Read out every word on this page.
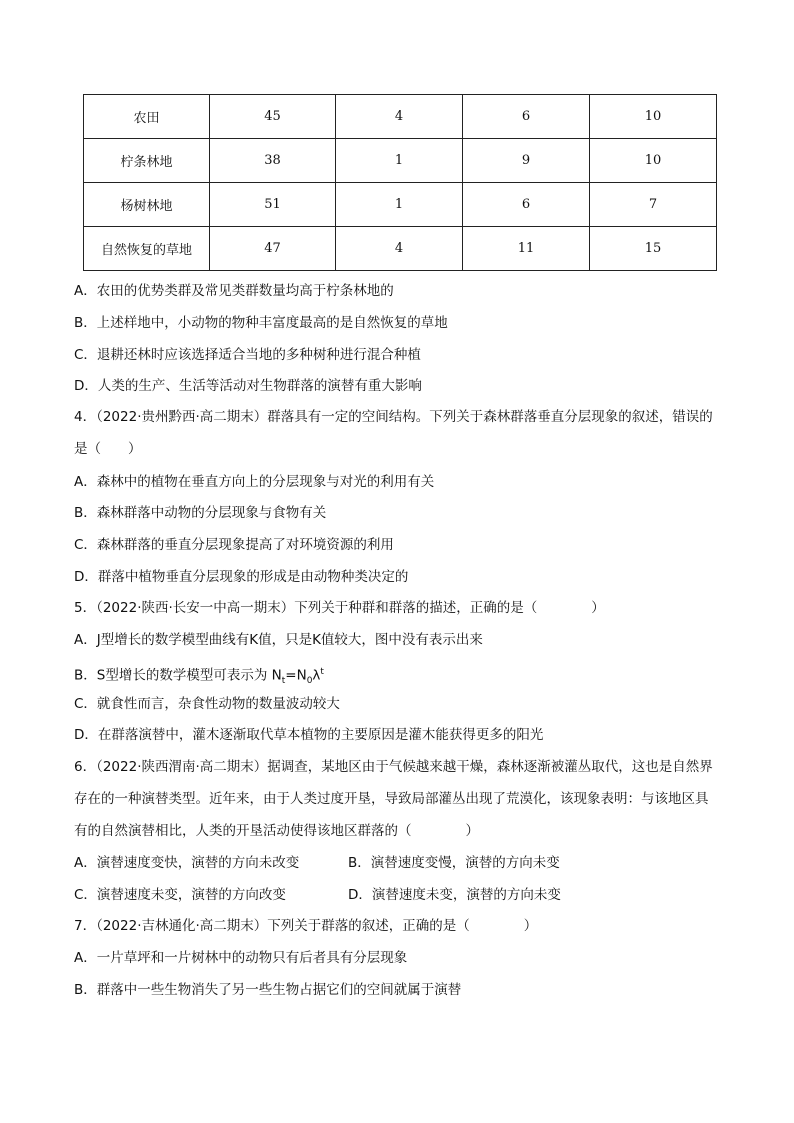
农田	45	4	6	10
柠条林地	38	1	9	10
杨树林地	51	1	6	7
自然恢复的草地	47	4	11	15
A．农田的优势类群及常见类群数量均高于柠条林地的
B．上述样地中，小动物的物种丰富度最高的是自然恢复的草地
C．退耕还林时应该选择适合当地的多种树种进行混合种植
D．人类的生产、生活等活动对生物群落的演替有重大影响
4．（2022·贵州黔西·高二期末）群落具有一定的空间结构。下列关于森林群落垂直分层现象的叙述，错误的是（　　）
A．森林中的植物在垂直方向上的分层现象与对光的利用有关
B．森林群落中动物的分层现象与食物有关
C．森林群落的垂直分层现象提高了对环境资源的利用
D．群落中植物垂直分层现象的形成是由动物种类决定的
5．（2022·陕西·长安一中高一期末）下列关于种群和群落的描述，正确的是（　　　　）
A．J型增长的数学模型曲线有K值，只是K值较大，图中没有表示出来
B．S型增长的数学模型可表示为 $N_t=N_0\lambda^t$
C．就食性而言，杂食性动物的数量波动较大
D．在群落演替中，灌木逐渐取代草本植物的主要原因是灌木能获得更多的阳光
6．（2022·陕西渭南·高二期末）据调查，某地区由于气候越来越干燥，森林逐渐被灌丛取代，这也是自然界存在的一种演替类型。近年来，由于人类过度开垦，导致局部灌丛出现了荒漠化，该现象表明：与该地区具有的自然演替相比，人类的开垦活动使得该地区群落的（　　　　）
A．演替速度变快，演替的方向未改变	B．演替速度变慢，演替的方向未变
C．演替速度未变，演替的方向改变	D．演替速度未变，演替的方向未变
7．（2022·吉林通化·高二期末）下列关于群落的叙述，正确的是（　　　　）
A．一片草坪和一片树林中的动物只有后者具有分层现象
B．群落中一些生物消失了另一些生物占据它们的空间就属于演替
